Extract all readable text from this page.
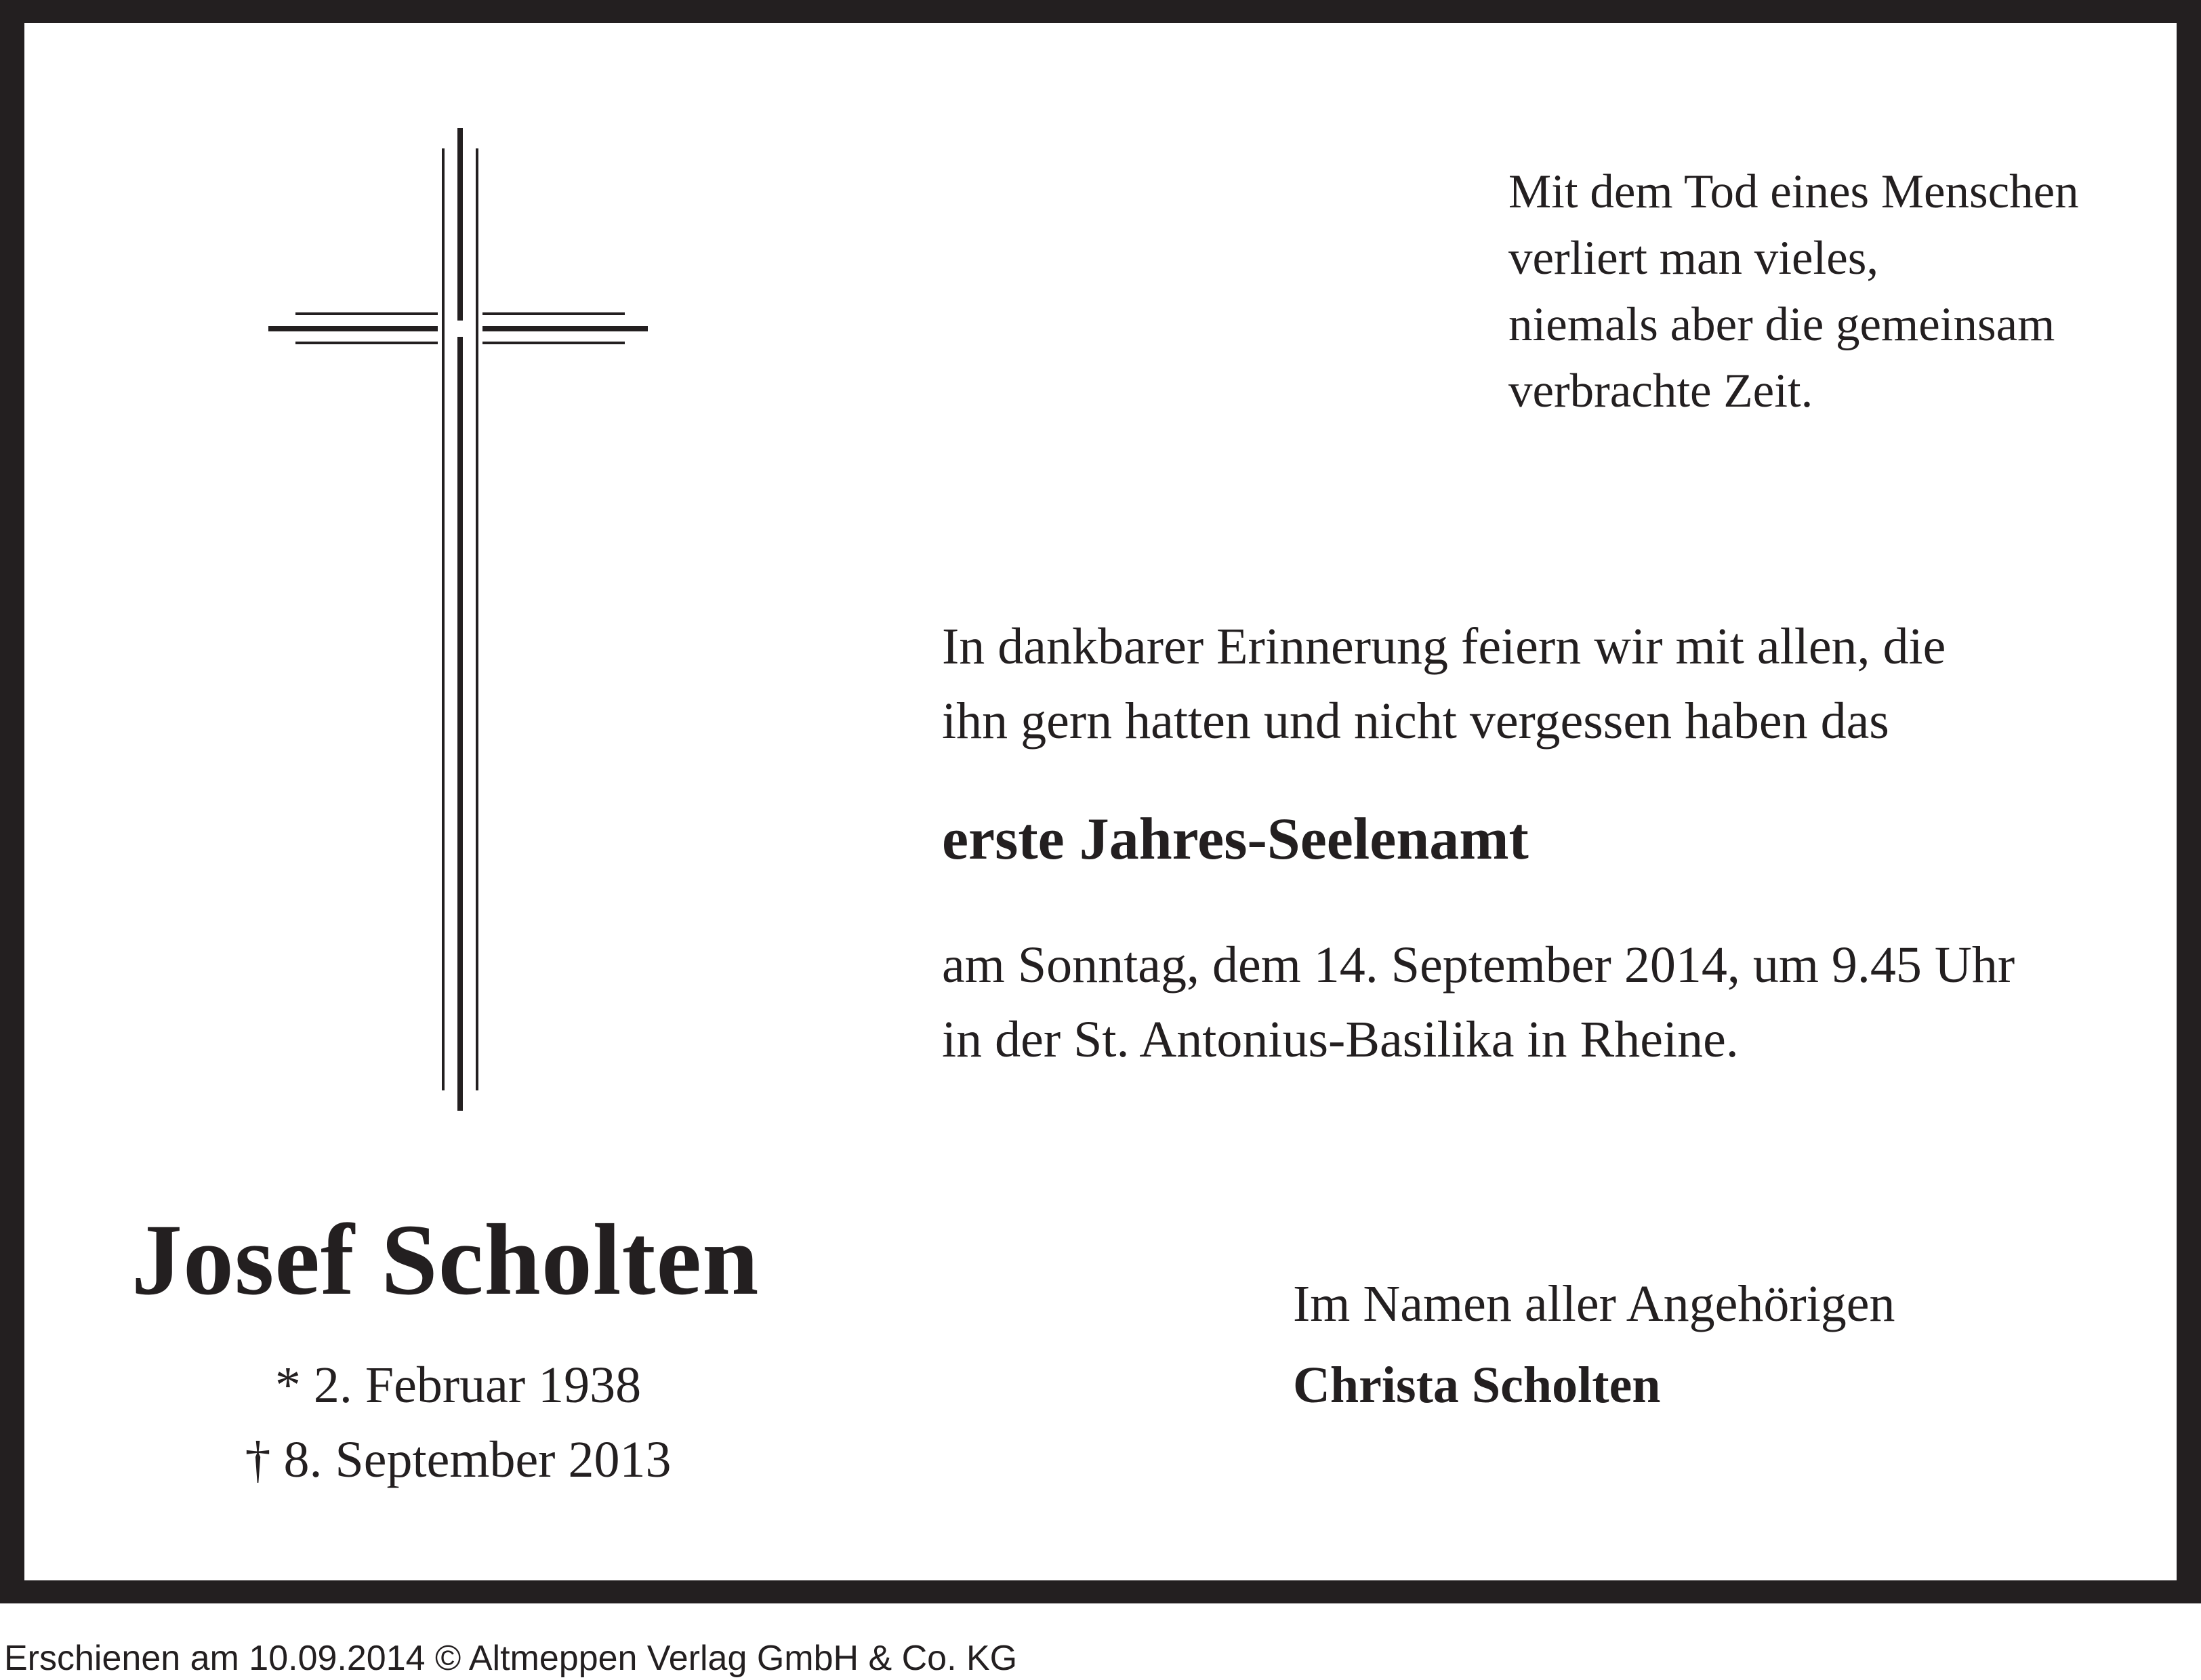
Mit dem Tod eines Menschen
verliert man vieles,
niemals aber die gemeinsam
verbrachte Zeit.
In dankbarer Erinnerung feiern wir mit allen, die
ihn gern hatten und nicht vergessen haben das
erste Jahres-Seelenamt
am Sonntag, dem 14. September 2014, um 9.45 Uhr
in der St. Antonius-Basilika in Rheine.
Josef Scholten
* 2. Februar 1938
† 8. September 2013
Im Namen aller Angehörigen
Christa Scholten
Erschienen am 10.09.2014 © Altmeppen Verlag GmbH & Co. KG
